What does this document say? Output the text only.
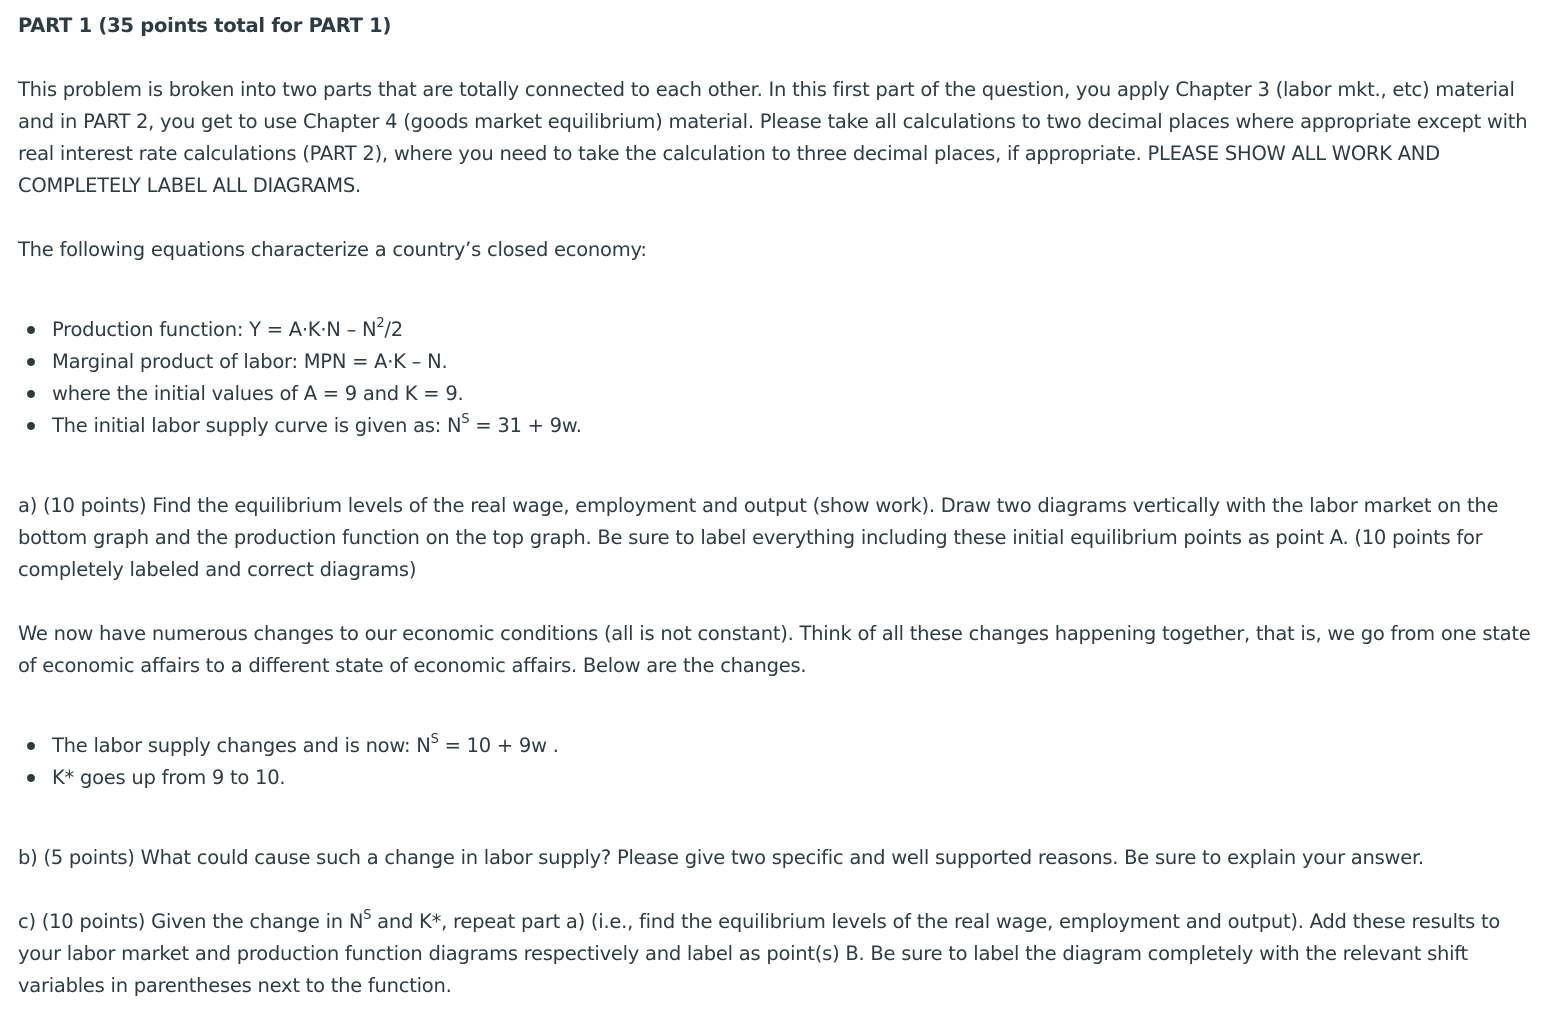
PART 1 (35 points total for PART 1)

This problem is broken into two parts that are totally connected to each other. In this first part of the question, you apply Chapter 3 (labor mkt., etc) material and in PART 2, you get to use Chapter 4 (goods market equilibrium) material. Please take all calculations to two decimal places where appropriate except with real interest rate calculations (PART 2), where you need to take the calculation to three decimal places, if appropriate. PLEASE SHOW ALL WORK AND COMPLETELY LABEL ALL DIAGRAMS.

The following equations characterize a country’s closed economy:

Production function: $Y = A\cdot K\cdot N - N^2/2$
Marginal product of labor: MPN = A·K – N.
where the initial values of A = 9 and K = 9.
The initial labor supply curve is given as: $N^S = 31 + 9w$.

a) (10 points) Find the equilibrium levels of the real wage, employment and output (show work). Draw two diagrams vertically with the labor market on the bottom graph and the production function on the top graph. Be sure to label everything including these initial equilibrium points as point A. (10 points for completely labeled and correct diagrams)

We now have numerous changes to our economic conditions (all is not constant). Think of all these changes happening together, that is, we go from one state of economic affairs to a different state of economic affairs. Below are the changes.

The labor supply changes and is now: $N^S = 10 + 9w$ .
K* goes up from 9 to 10.

b) (5 points) What could cause such a change in labor supply? Please give two specific and well supported reasons. Be sure to explain your answer.

c) (10 points) Given the change in $N^S$ and K*, repeat part a) (i.e., find the equilibrium levels of the real wage, employment and output). Add these results to your labor market and production function diagrams respectively and label as point(s) B. Be sure to label the diagram completely with the relevant shift variables in parentheses next to the function.
